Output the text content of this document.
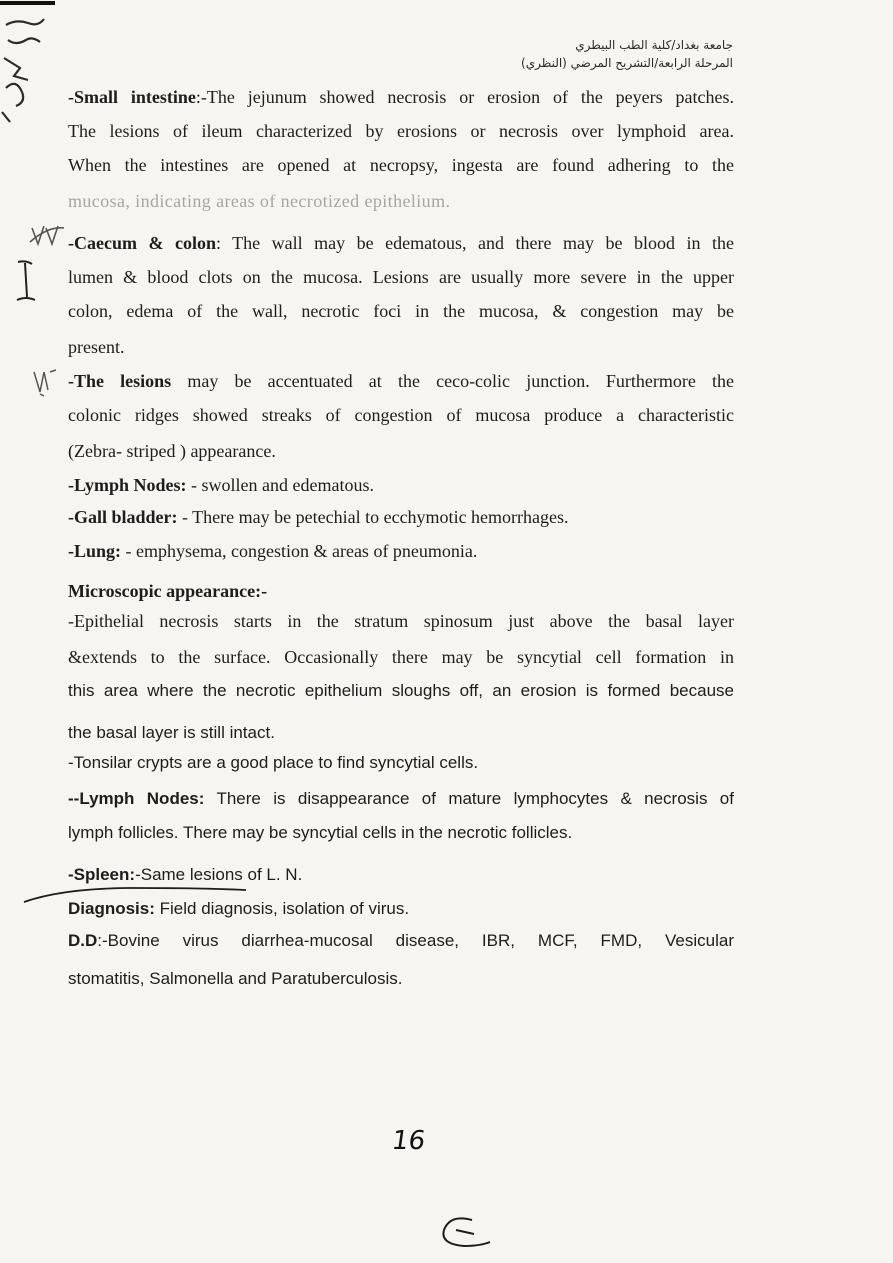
جامعة بغداد/كلية الطب البيطري
المرحلة الرابعة/التشريح المرضي (النظري)
-Small intestine:-The jejunum showed necrosis or erosion of the peyers patches.
The lesions of ileum characterized by erosions or necrosis over lymphoid area.
When the intestines are opened at necropsy, ingesta are found adhering to the
mucosa, indicating areas of necrotized epithelium.
-Caecum & colon: The wall may be edematous, and there may be blood in the
lumen & blood clots on the mucosa. Lesions are usually more severe in the upper
colon, edema of the wall, necrotic foci in the mucosa, & congestion may be
present.
-The lesions may be accentuated at the ceco-colic junction. Furthermore the
colonic ridges showed streaks of congestion of mucosa produce a characteristic
(Zebra- striped ) appearance.
-Lymph Nodes: - swollen and edematous.
-Gall bladder: - There may be petechial to ecchymotic hemorrhages.
-Lung: - emphysema, congestion & areas of pneumonia.
Microscopic appearance:-
-Epithelial necrosis starts in the stratum spinosum just above the basal layer
&extends to the surface. Occasionally there may be syncytial cell formation in
this area where the necrotic epithelium sloughs off, an erosion is formed because
the basal layer is still intact.
-Tonsilar crypts are a good place to find syncytial cells.
--Lymph Nodes: There is disappearance of mature lymphocytes & necrosis of
lymph follicles. There may be syncytial cells in the necrotic follicles.
-Spleen:-Same lesions of L. N.
Diagnosis: Field diagnosis, isolation of virus.
D.D:-Bovine virus diarrhea-mucosal disease, IBR, MCF, FMD, Vesicular
stomatitis, Salmonella and Paratuberculosis.
16
